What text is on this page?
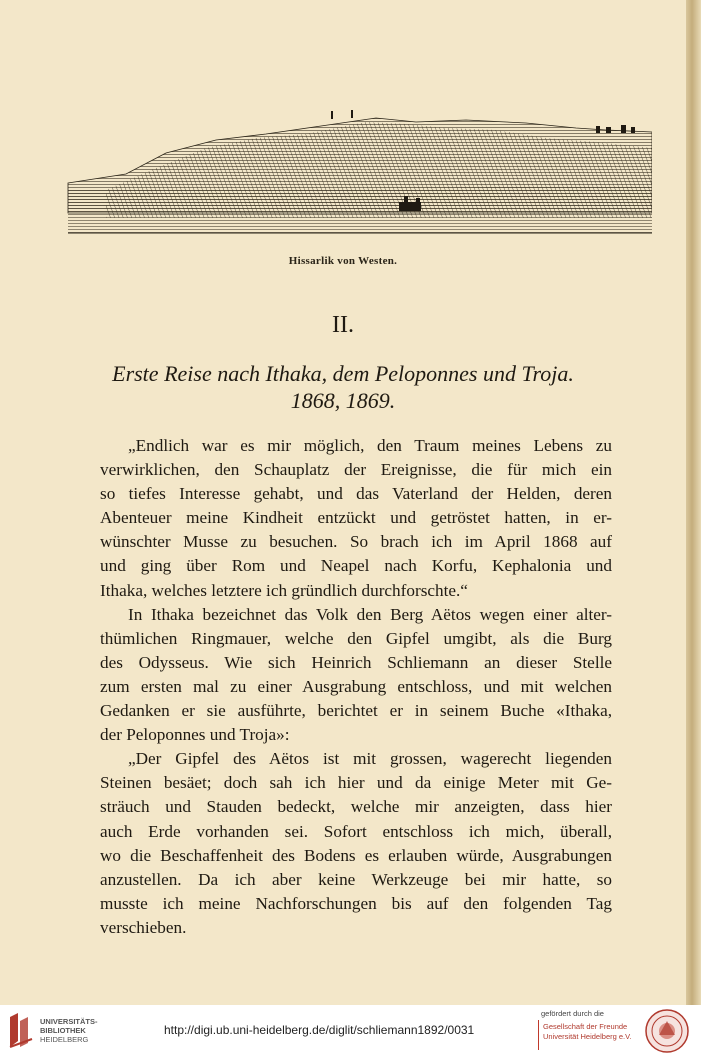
Hissarlik von Westen.
II.
Erste Reise nach Ithaka, dem Peloponnes und Troja.
1868, 1869.
„Endlich war es mir möglich, den Traum meines Lebens zu
verwirklichen, den Schauplatz der Ereignisse, die für mich ein
so tiefes Interesse gehabt, und das Vaterland der Helden, deren
Abenteuer meine Kindheit entzückt und getröstet hatten, in er-
wünschter Musse zu besuchen. So brach ich im April 1868 auf
und ging über Rom und Neapel nach Korfu, Kephalonia und
Ithaka, welches letztere ich gründlich durchforschte.“
In Ithaka bezeichnet das Volk den Berg Aëtos wegen einer alter-
thümlichen Ringmauer, welche den Gipfel umgibt, als die Burg
des Odysseus. Wie sich Heinrich Schliemann an dieser Stelle
zum ersten mal zu einer Ausgrabung entschloss, und mit welchen
Gedanken er sie ausführte, berichtet er in seinem Buche «Ithaka,
der Peloponnes und Troja»:
„Der Gipfel des Aëtos ist mit grossen, wagerecht liegenden
Steinen besäet; doch sah ich hier und da einige Meter mit Ge-
sträuch und Stauden bedeckt, welche mir anzeigten, dass hier
auch Erde vorhanden sei. Sofort entschloss ich mich, überall,
wo die Beschaffenheit des Bodens es erlauben würde, Ausgrabungen
anzustellen. Da ich aber keine Werkzeuge bei mir hatte, so
musste ich meine Nachforschungen bis auf den folgenden Tag
verschieben.
UNIVERSITÄTS-
BIBLIOTHEK
HEIDELBERG
http://digi.ub.uni-heidelberg.de/diglit/schliemann1892/0031
gefördert durch die
Gesellschaft der Freunde
Universität Heidelberg e.V.
